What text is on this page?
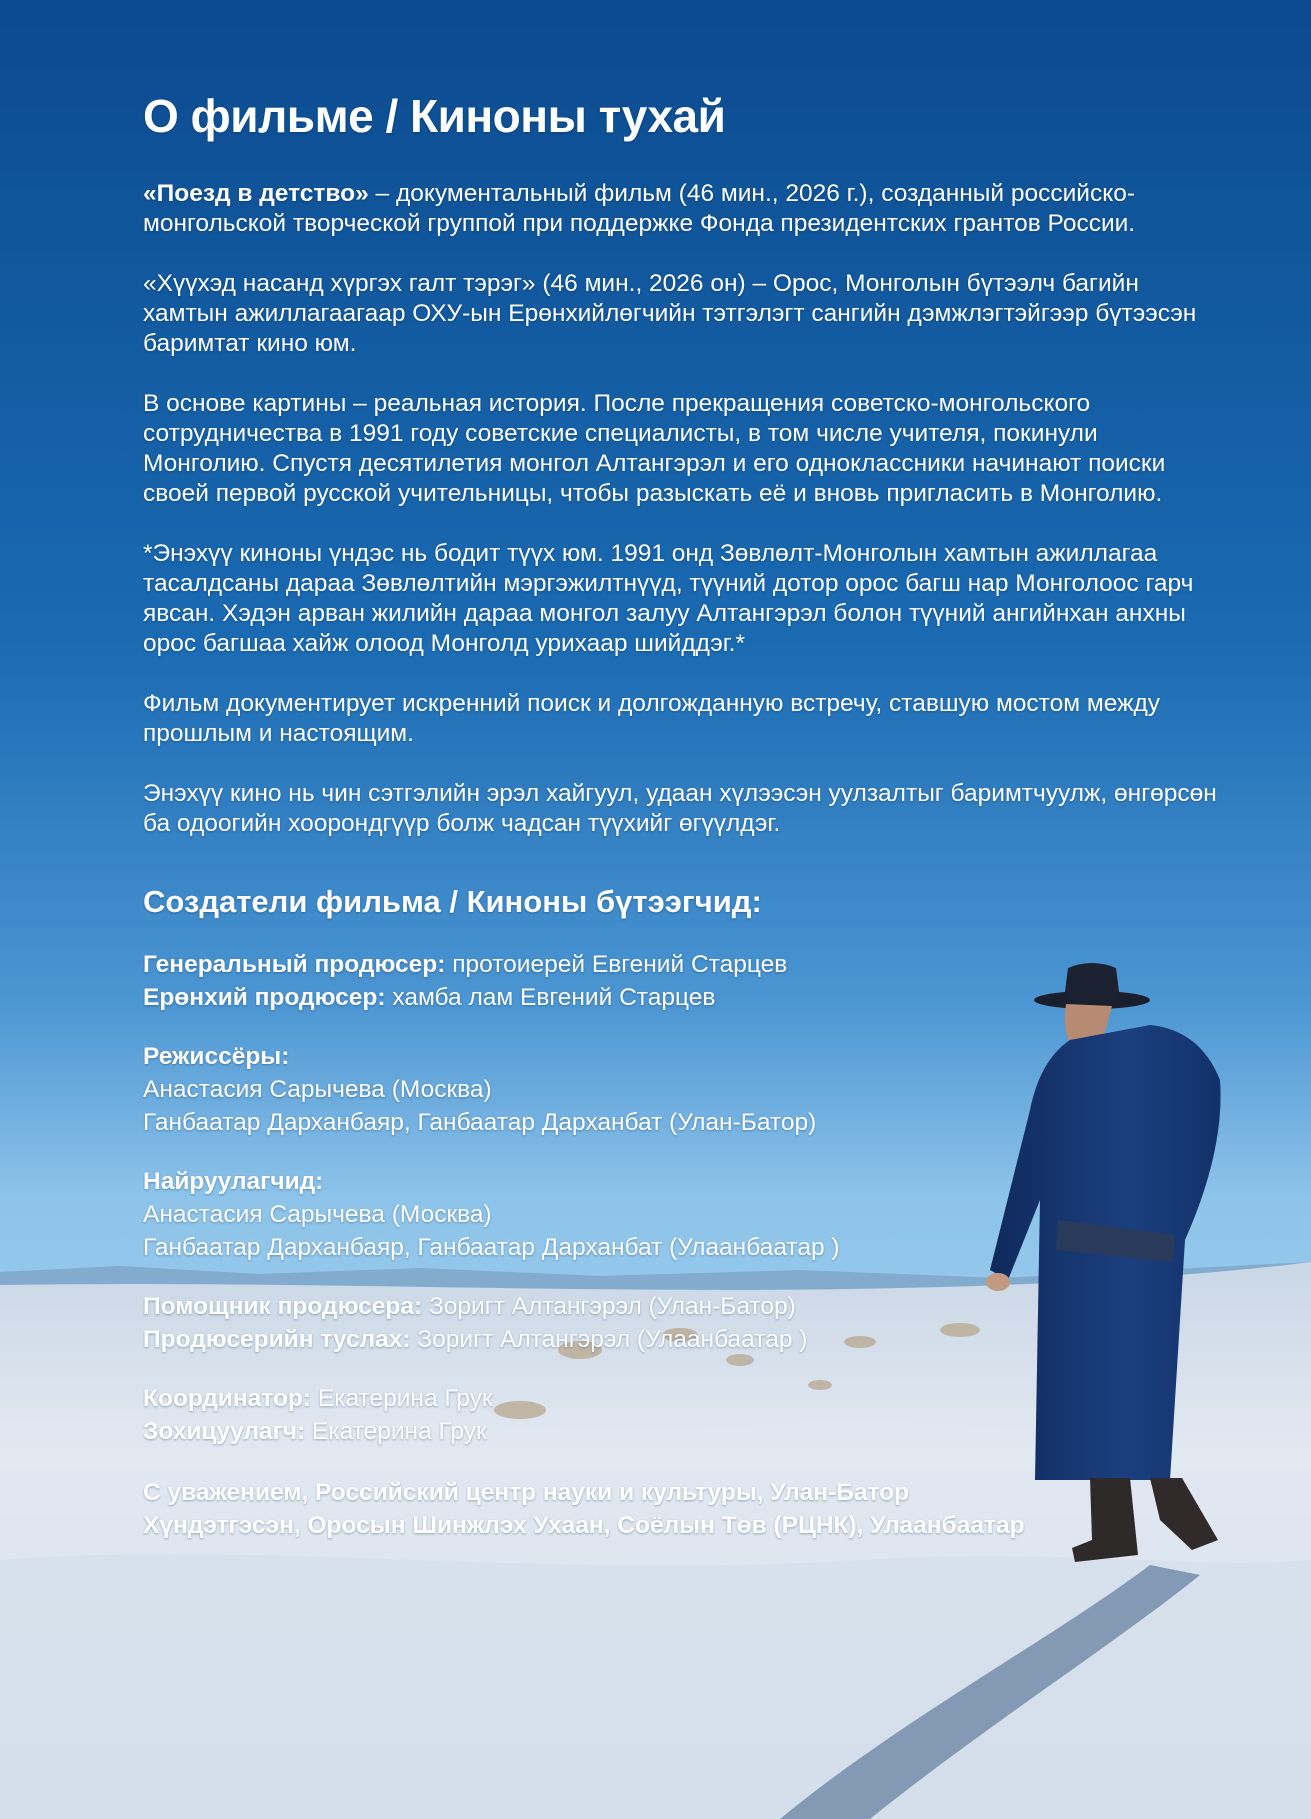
О фильме / Киноны тухай

«Поезд в детство» – документальный фильм (46 мин., 2026 г.), созданный российско-монгольской творческой группой при поддержке Фонда президентских грантов России.

«Хүүхэд насанд хүргэх галт тэрэг» (46 мин., 2026 он) – Орос, Монголын бүтээлч багийн хамтын ажиллагаагаар ОХУ-ын Ерөнхийлөгчийн тэтгэлэгт сангийн дэмжлэгтэйгээр бүтээсэн баримтат кино юм.

В основе картины – реальная история. После прекращения советско-монгольского сотрудничества в 1991 году советские специалисты, в том числе учителя, покинули Монголию. Спустя десятилетия монгол Алтангэрэл и его одноклассники начинают поиски своей первой русской учительницы, чтобы разыскать её и вновь пригласить в Монголию.

*Энэхүү киноны үндэс нь бодит түүх юм. 1991 онд Зөвлөлт-Монголын хамтын ажиллагаа тасалдсаны дараа Зөвлөлтийн мэргэжилтнүүд, түүний дотор орос багш нар Монголоос гарч явсан. Хэдэн арван жилийн дараа монгол залуу Алтангэрэл болон түүний ангийнхан анхны орос багшаа хайж олоод Монголд урихаар шийддэг.*

Фильм документирует искренний поиск и долгожданную встречу, ставшую мостом между прошлым и настоящим.

Энэхүү кино нь чин сэтгэлийн эрэл хайгуул, удаан хүлээсэн уулзалтыг баримтчуулж, өнгөрсөн ба одоогийн хоорондгүүр болж чадсан түүхийг өгүүлдэг.

Создатели фильма / Киноны бүтээгчид:
Генеральный продюсер: протоиерей Евгений Старцев
Ерөнхий продюсер: хамба лам Евгений Старцев
Режиссёры:
Анастасия Сарычева (Москва)
Ганбаатар Дарханбаяр, Ганбаатар Дарханбат (Улан-Батор)
Найруулагчид:
Анастасия Сарычева (Москва)
Ганбаатар Дарханбаяр, Ганбаатар Дарханбат (Улаанбаатар )
Помощник продюсера: Зоригт Алтангэрэл (Улан-Батор)
Продюсерийн туслах: Зоригт Алтангэрэл (Улаанбаатар )
Координатор: Екатерина Грук
Зохицуулагч: Екатерина Грук
С уважением, Российский центр науки и культуры, Улан-Батор
Хүндэтгэсэн, Оросын Шинжлэх Ухаан, Соёлын Төв (РЦНК), Улаанбаатар
